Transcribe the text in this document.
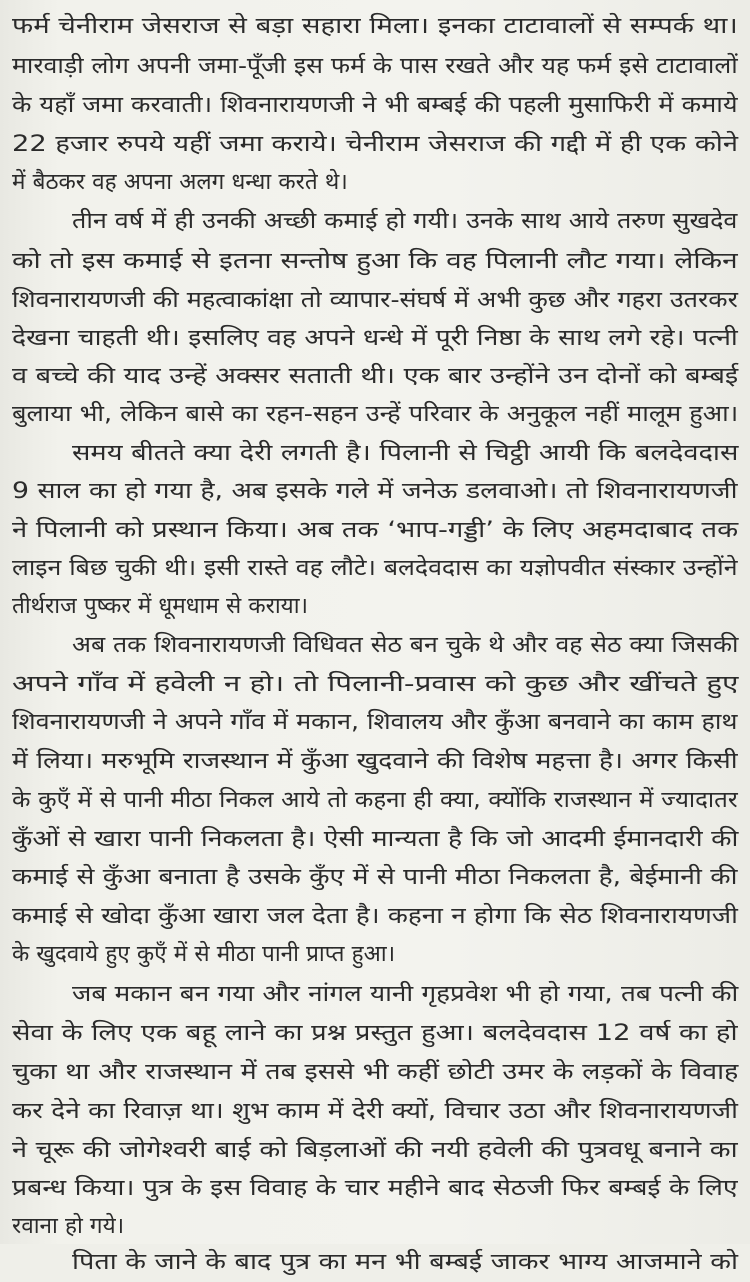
फर्म चेनीराम जेसराज से बड़ा सहारा मिला। इनका टाटावालों से सम्पर्क था।
मारवाड़ी लोग अपनी जमा-पूँजी इस फर्म के पास रखते और यह फर्म इसे टाटावालों
के यहाँ जमा करवाती। शिवनारायणजी ने भी बम्बई की पहली मुसाफिरी में कमाये
22 हजार रुपये यहीं जमा कराये। चेनीराम जेसराज की गद्दी में ही एक कोने
में बैठकर वह अपना अलग धन्धा करते थे।
तीन वर्ष में ही उनकी अच्छी कमाई हो गयी। उनके साथ आये तरुण सुखदेव
को तो इस कमाई से इतना सन्तोष हुआ कि वह पिलानी लौट गया। लेकिन
शिवनारायणजी की महत्वाकांक्षा तो व्यापार-संघर्ष में अभी कुछ और गहरा उतरकर
देखना चाहती थी। इसलिए वह अपने धन्धे में पूरी निष्ठा के साथ लगे रहे। पत्नी
व बच्चे की याद उन्हें अक्सर सताती थी। एक बार उन्होंने उन दोनों को बम्बई
बुलाया भी, लेकिन बासे का रहन-सहन उन्हें परिवार के अनुकूल नहीं मालूम हुआ।
समय बीतते क्या देरी लगती है। पिलानी से चिट्ठी आयी कि बलदेवदास
9 साल का हो गया है, अब इसके गले में जनेऊ डलवाओ। तो शिवनारायणजी
ने पिलानी को प्रस्थान किया। अब तक ‘भाप-गड्डी’ के लिए अहमदाबाद तक
लाइन बिछ चुकी थी। इसी रास्ते वह लौटे। बलदेवदास का यज्ञोपवीत संस्कार उन्होंने
तीर्थराज पुष्कर में धूमधाम से कराया।
अब तक शिवनारायणजी विधिवत सेठ बन चुके थे और वह सेठ क्या जिसकी
अपने गाँव में हवेली न हो। तो पिलानी-प्रवास को कुछ और खींचते हुए
शिवनारायणजी ने अपने गाँव में मकान, शिवालय और कुँआ बनवाने का काम हाथ
में लिया। मरुभूमि राजस्थान में कुँआ खुदवाने की विशेष महत्ता है। अगर किसी
के कुएँ में से पानी मीठा निकल आये तो कहना ही क्या, क्योंकि राजस्थान में ज्यादातर
कुँओं से खारा पानी निकलता है। ऐसी मान्यता है कि जो आदमी ईमानदारी की
कमाई से कुँआ बनाता है उसके कुँए में से पानी मीठा निकलता है, बेईमानी की
कमाई से खोदा कुँआ खारा जल देता है। कहना न होगा कि सेठ शिवनारायणजी
के खुदवाये हुए कुएँ में से मीठा पानी प्राप्त हुआ।
जब मकान बन गया और नांगल यानी गृहप्रवेश भी हो गया, तब पत्नी की
सेवा के लिए एक बहू लाने का प्रश्न प्रस्तुत हुआ। बलदेवदास 12 वर्ष का हो
चुका था और राजस्थान में तब इससे भी कहीं छोटी उमर के लड़कों के विवाह
कर देने का रिवाज़ था। शुभ काम में देरी क्यों, विचार उठा और शिवनारायणजी
ने चूरू की जोगेश्वरी बाई को बिड़लाओं की नयी हवेली की पुत्रवधू बनाने का
प्रबन्ध किया। पुत्र के इस विवाह के चार महीने बाद सेठजी फिर बम्बई के लिए
रवाना हो गये।
पिता के जाने के बाद पुत्र का मन भी बम्बई जाकर भाग्य आजमाने को
